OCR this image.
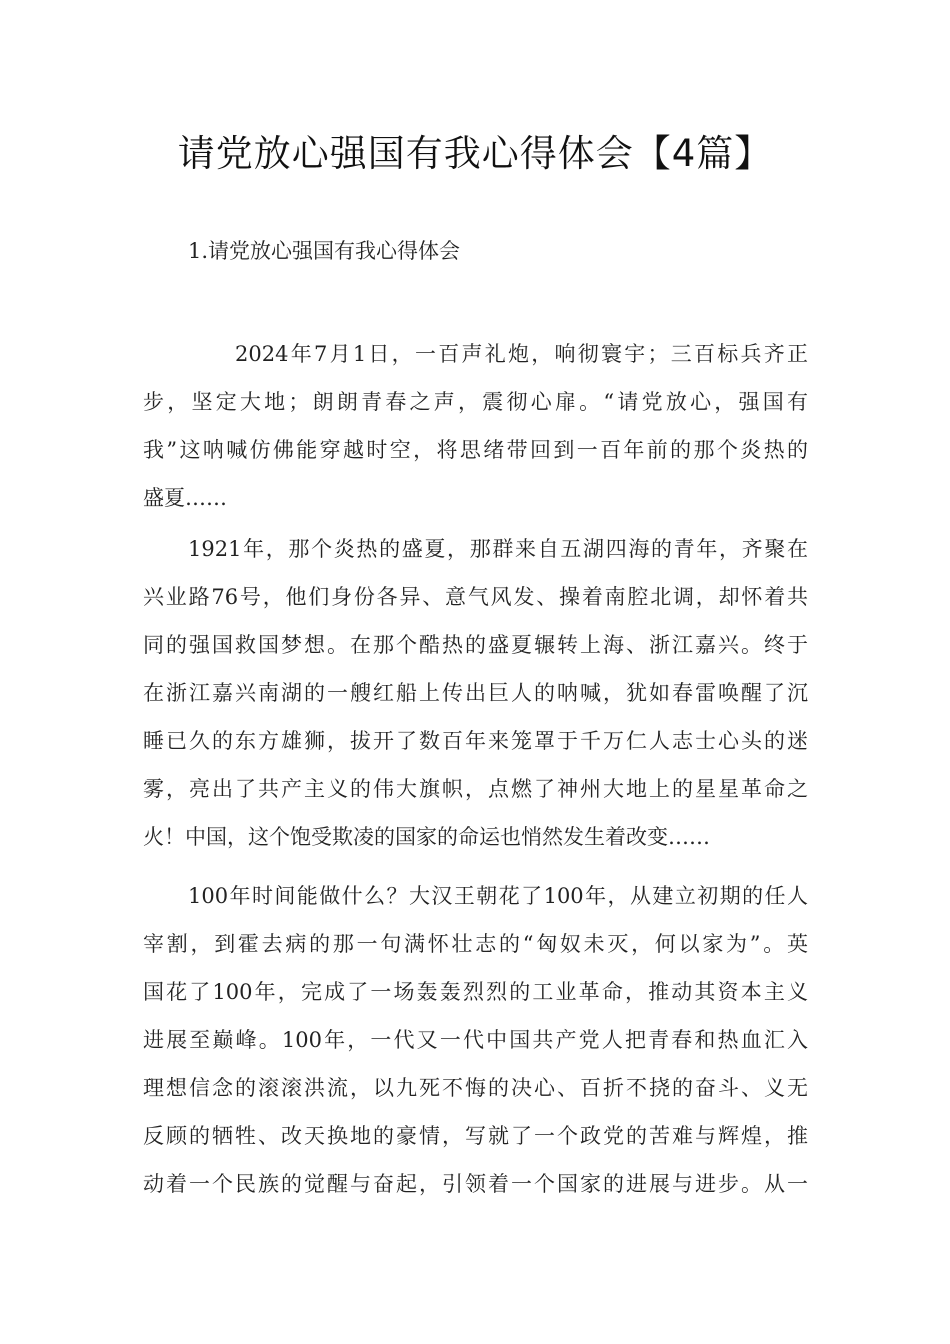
请党放心强国有我心得体会【4篇】
1.请党放心强国有我心得体会
2024年7月1日，一百声礼炮，响彻寰宇；三百标兵齐正
步，坚定大地；朗朗青春之声，震彻心扉。“请党放心，强国有
我”这呐喊仿佛能穿越时空，将思绪带回到一百年前的那个炎热的
盛夏……
1921年，那个炎热的盛夏，那群来自五湖四海的青年，齐聚在
兴业路76号，他们身份各异、意气风发、操着南腔北调，却怀着共
同的强国救国梦想。在那个酷热的盛夏辗转上海、浙江嘉兴。终于
在浙江嘉兴南湖的一艘红船上传出巨人的呐喊，犹如春雷唤醒了沉
睡已久的东方雄狮，拔开了数百年来笼罩于千万仁人志士心头的迷
雾，亮出了共产主义的伟大旗帜，点燃了神州大地上的星星革命之
火！中国，这个饱受欺凌的国家的命运也悄然发生着改变……
100年时间能做什么？大汉王朝花了100年，从建立初期的任人
宰割，到霍去病的那一句满怀壮志的“匈奴未灭，何以家为”。英
国花了100年，完成了一场轰轰烈烈的工业革命，推动其资本主义
进展至巅峰。100年，一代又一代中国共产党人把青春和热血汇入
理想信念的滚滚洪流，以九死不悔的决心、百折不挠的奋斗、义无
反顾的牺牲、改天换地的豪情，写就了一个政党的苦难与辉煌，推
动着一个民族的觉醒与奋起，引领着一个国家的进展与进步。从一
